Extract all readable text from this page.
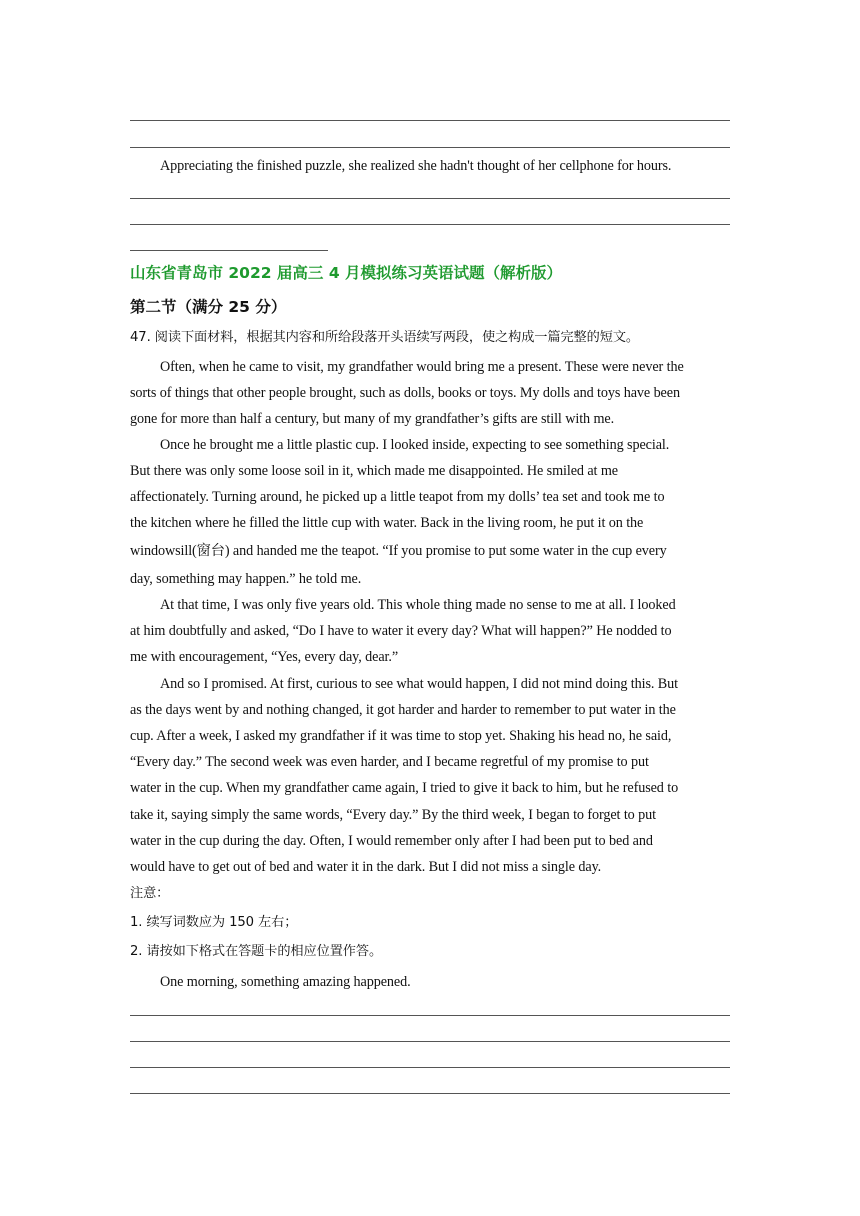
Appreciating the finished puzzle, she realized she hadn't thought of her cellphone for hours.
山东省青岛市 2022 届高三 4 月模拟练习英语试题（解析版）
第二节（满分 25 分）
47. 阅读下面材料，根据其内容和所给段落开头语续写两段，使之构成一篇完整的短文。
Often, when he came to visit, my grandfather would bring me a present. These were never the
sorts of things that other people brought, such as dolls, books or toys. My dolls and toys have been
gone for more than half a century, but many of my grandfather’s gifts are still with me.
Once he brought me a little plastic cup. I looked inside, expecting to see something special.
But there was only some loose soil in it, which made me disappointed. He smiled at me
affectionately. Turning around, he picked up a little teapot from my dolls’ tea set and took me to
the kitchen where he filled the little cup with water. Back in the living room, he put it on the
windowsill(窗台) and handed me the teapot. “If you promise to put some water in the cup every
day, something may happen.” he told me.
At that time, I was only five years old. This whole thing made no sense to me at all. I looked
at him doubtfully and asked, “Do I have to water it every day? What will happen?” He nodded to
me with encouragement, “Yes, every day, dear.”
And so I promised. At first, curious to see what would happen, I did not mind doing this. But
as the days went by and nothing changed, it got harder and harder to remember to put water in the
cup. After a week, I asked my grandfather if it was time to stop yet. Shaking his head no, he said,
“Every day.” The second week was even harder, and I became regretful of my promise to put
water in the cup. When my grandfather came again, I tried to give it back to him, but he refused to
take it, saying simply the same words, “Every day.” By the third week, I began to forget to put
water in the cup during the day. Often, I would remember only after I had been put to bed and
would have to get out of bed and water it in the dark. But I did not miss a single day.
注意：
1. 续写词数应为 150 左右；
2. 请按如下格式在答题卡的相应位置作答。
One morning, something amazing happened.
